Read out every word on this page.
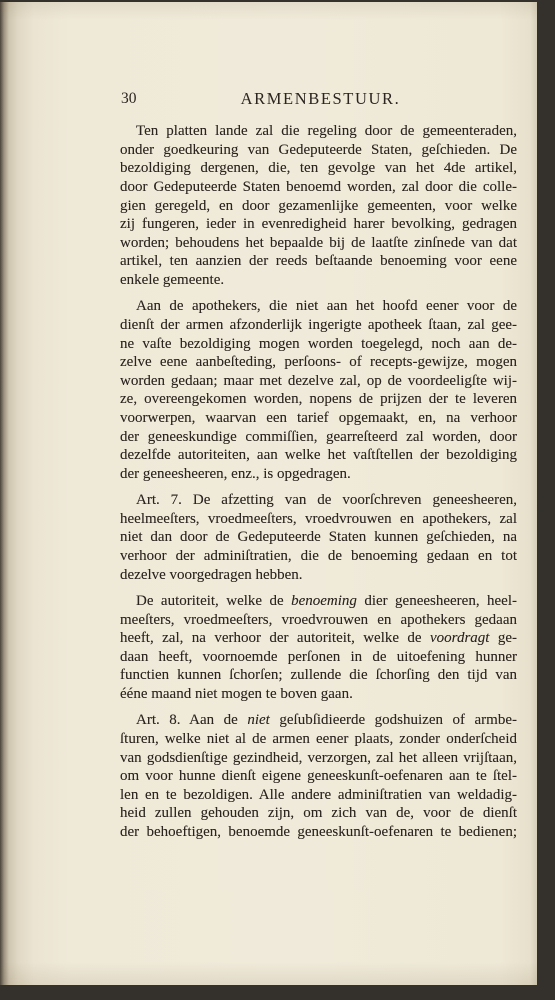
30	ARMENBESTUUR.
Ten platten lande zal die regeling door de gemeenteraden,
onder goedkeuring van Gedeputeerde Staten, geſchieden. De
bezoldiging dergenen, die, ten gevolge van het 4de artikel,
door Gedeputeerde Staten benoemd worden, zal door die colle-
gien geregeld, en door gezamenlijke gemeenten, voor welke
zij fungeren, ieder in evenredigheid harer bevolking, gedragen
worden; behoudens het bepaalde bij de laatſte zinſnede van dat
artikel, ten aanzien der reeds beſtaande benoeming voor eene
enkele gemeente.
Aan de apothekers, die niet aan het hoofd eener voor de
dienſt der armen afzonderlijk ingerigte apotheek ſtaan, zal gee-
ne vaſte bezoldiging mogen worden toegelegd, noch aan de-
zelve eene aanbeſteding, perſoons- of recepts-gewijze, mogen
worden gedaan; maar met dezelve zal, op de voordeeligſte wij-
ze, overeengekomen worden, nopens de prijzen der te leveren
voorwerpen, waarvan een tarief opgemaakt, en, na verhoor
der geneeskundige commiſſien, gearreſteerd zal worden, door
dezelfde autoriteiten, aan welke het vaſtſtellen der bezoldiging
der geneesheeren, enz., is opgedragen.
Art. 7. De afzetting van de voorſchreven geneesheeren,
heelmeeſters, vroedmeeſters, vroedvrouwen en apothekers, zal
niet dan door de Gedeputeerde Staten kunnen geſchieden, na
verhoor der adminiſtratien, die de benoeming gedaan en tot
dezelve voorgedragen hebben.
De autoriteit, welke de benoeming dier geneesheeren, heel-
meeſters, vroedmeeſters, vroedvrouwen en apothekers gedaan
heeft, zal, na verhoor der autoriteit, welke de voordragt ge-
daan heeft, voornoemde perſonen in de uitoefening hunner
functien kunnen ſchorſen; zullende die ſchorſing den tijd van
ééne maand niet mogen te boven gaan.
Art. 8. Aan de niet geſubſidieerde godshuizen of armbe-
ſturen, welke niet al de armen eener plaats, zonder onderſcheid
van godsdienſtige gezindheid, verzorgen, zal het alleen vrijſtaan,
om voor hunne dienſt eigene geneeskunſt-oefenaren aan te ſtel-
len en te bezoldigen. Alle andere adminiſtratien van weldadig-
heid zullen gehouden zijn, om zich van de, voor de dienſt
der behoeftigen, benoemde geneeskunſt-oefenaren te bedienen;
